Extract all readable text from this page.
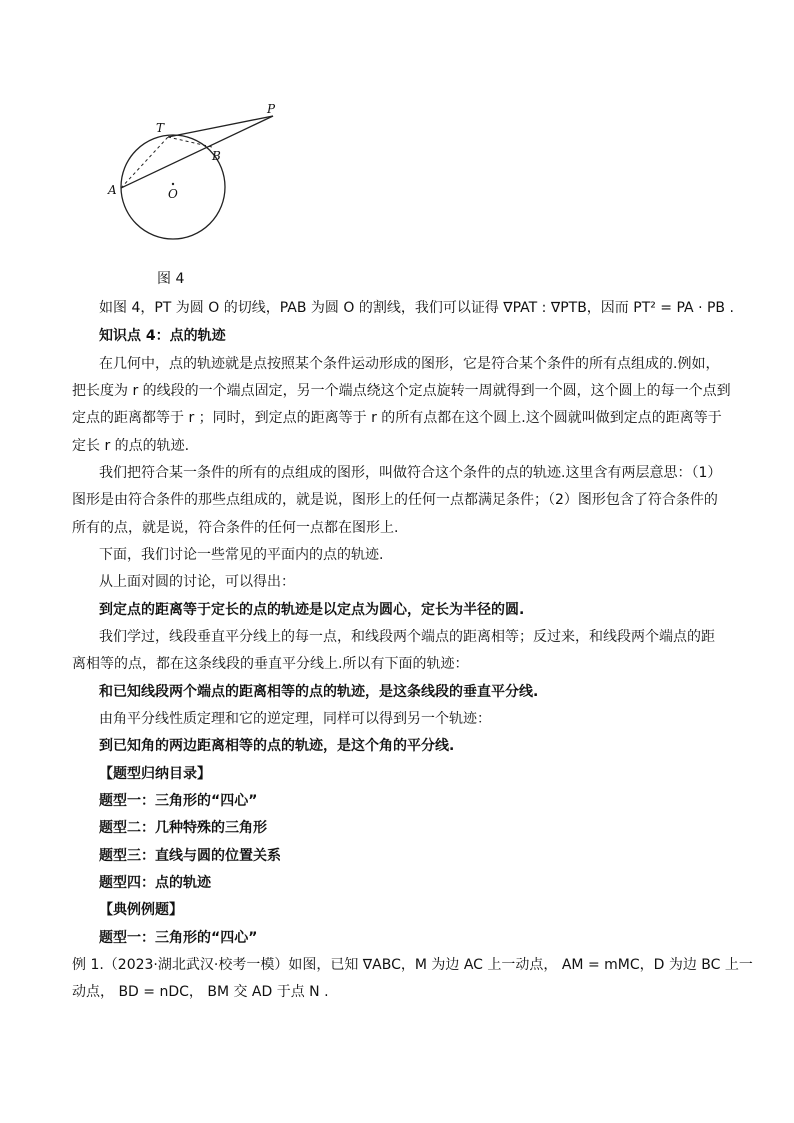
P
T
B
A	O
图 4
如图 4，PT 为圆 O 的切线，PAB 为圆 O 的割线，我们可以证得 ∇PAT : ∇PTB，因而 PT² = PA · PB .
知识点 4：点的轨迹
在几何中，点的轨迹就是点按照某个条件运动形成的图形，它是符合某个条件的所有点组成的.例如，
把长度为 r 的线段的一个端点固定，另一个端点绕这个定点旋转一周就得到一个圆，这个圆上的每一个点到
定点的距离都等于 r ；同时，到定点的距离等于 r 的所有点都在这个圆上.这个圆就叫做到定点的距离等于
定长 r 的点的轨迹.
我们把符合某一条件的所有的点组成的图形，叫做符合这个条件的点的轨迹.这里含有两层意思：（1）
图形是由符合条件的那些点组成的，就是说，图形上的任何一点都满足条件；（2）图形包含了符合条件的
所有的点，就是说，符合条件的任何一点都在图形上.
下面，我们讨论一些常见的平面内的点的轨迹.
从上面对圆的讨论，可以得出：
到定点的距离等于定长的点的轨迹是以定点为圆心，定长为半径的圆.
我们学过，线段垂直平分线上的每一点，和线段两个端点的距离相等；反过来，和线段两个端点的距
离相等的点，都在这条线段的垂直平分线上.所以有下面的轨迹：
和已知线段两个端点的距离相等的点的轨迹，是这条线段的垂直平分线.
由角平分线性质定理和它的逆定理，同样可以得到另一个轨迹：
到已知角的两边距离相等的点的轨迹，是这个角的平分线.
【题型归纳目录】
题型一：三角形的“四心”
题型二：几种特殊的三角形
题型三：直线与圆的位置关系
题型四：点的轨迹
【典例例题】
题型一：三角形的“四心”
例 1.（2023·湖北武汉·校考一模）如图，已知 ∇ABC，M 为边 AC 上一动点， AM = mMC，D 为边 BC 上一
动点， BD = nDC， BM 交 AD 于点 N .
